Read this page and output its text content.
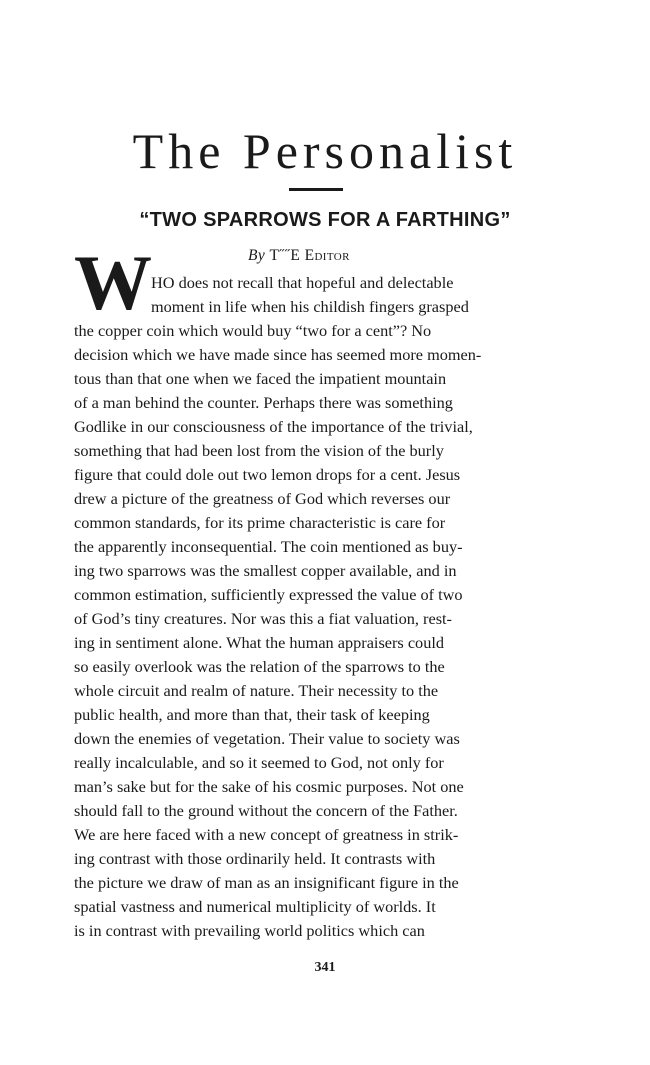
The Personalist
“TWO SPARROWS FOR A FARTHING”
By T˝˝E Editor
W HO does not recall that hopeful and delectable

moment in life when his childish fingers grasped

the copper coin which would buy “two for a cent”? No

decision which we have made since has seemed more momen-

tous than that one when we faced the impatient mountain

of a man behind the counter. Perhaps there was something

Godlike in our consciousness of the importance of the trivial,

something that had been lost from the vision of the burly

figure that could dole out two lemon drops for a cent. Jesus

drew a picture of the greatness of God which reverses our

common standards, for its prime characteristic is care for

the apparently inconsequential. The coin mentioned as buy-

ing two sparrows was the smallest copper available, and in

common estimation, sufficiently expressed the value of two

of God’s tiny creatures. Nor was this a fiat valuation, rest-

ing in sentiment alone. What the human appraisers could

so easily overlook was the relation of the sparrows to the

whole circuit and realm of nature. Their necessity to the

public health, and more than that, their task of keeping

down the enemies of vegetation. Their value to society was

really incalculable, and so it seemed to God, not only for

man’s sake but for the sake of his cosmic purposes. Not one

should fall to the ground without the concern of the Father.

We are here faced with a new concept of greatness in strik-

ing contrast with those ordinarily held. It contrasts with

the picture we draw of man as an insignificant figure in the

spatial vastness and numerical multiplicity of worlds. It

is in contrast with prevailing world politics which can

341
